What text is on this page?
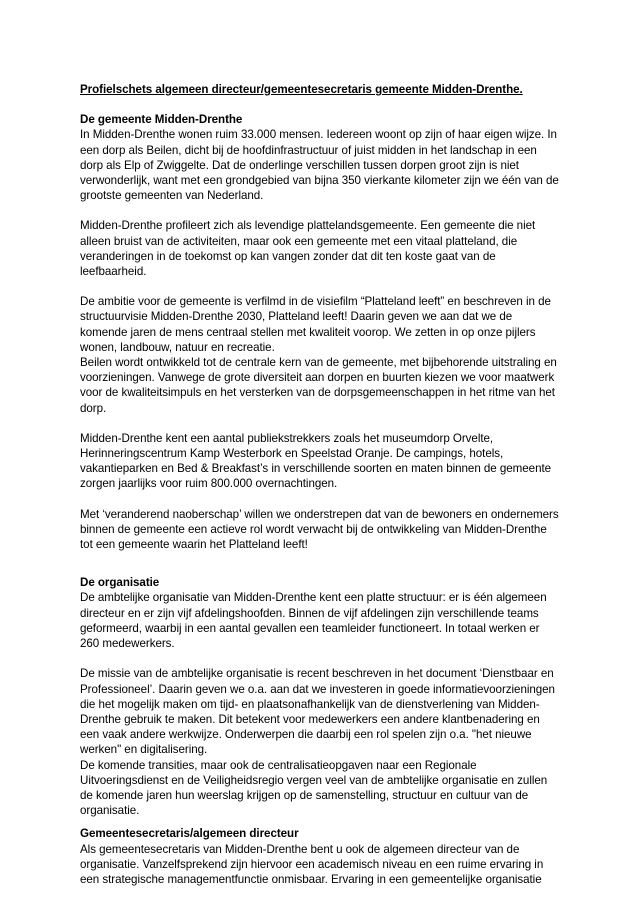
Profielschets algemeen directeur/gemeentesecretaris gemeente Midden-Drenthe.
De gemeente Midden-Drenthe

In Midden-Drenthe wonen ruim 33.000 mensen. Iedereen woont op zijn of haar eigen wijze. In een dorp als Beilen, dicht bij de hoofdinfrastructuur of juist midden in het landschap in een dorp als Elp of Zwiggelte. Dat de onderlinge verschillen tussen dorpen groot zijn is niet verwonderlijk, want met een grondgebied van bijna 350 vierkante kilometer zijn we één van de grootste gemeenten van Nederland.

Midden-Drenthe profileert zich als levendige plattelandsgemeente. Een gemeente die niet alleen bruist van de activiteiten, maar ook een gemeente met een vitaal platteland, die veranderingen in de toekomst op kan vangen zonder dat dit ten koste gaat van de leefbaarheid.

De ambitie voor de gemeente is verfilmd in de visiefilm “Platteland leeft” en beschreven in de structuurvisie Midden-Drenthe 2030, Platteland leeft! Daarin geven we aan dat we de komende jaren de mens centraal stellen met kwaliteit voorop. We zetten in op onze pijlers wonen, landbouw, natuur en recreatie.

Beilen wordt ontwikkeld tot de centrale kern van de gemeente, met bijbehorende uitstraling en voorzieningen. Vanwege de grote diversiteit aan dorpen en buurten kiezen we voor maatwerk voor de kwaliteitsimpuls en het versterken van de dorpsgemeenschappen in het ritme van het dorp.

Midden-Drenthe kent een aantal publiekstrekkers zoals het museumdorp Orvelte, Herinneringscentrum Kamp Westerbork en Speelstad Oranje. De campings, hotels, vakantieparken en Bed & Breakfast’s in verschillende soorten en maten binnen de gemeente zorgen jaarlijks voor ruim 800.000 overnachtingen.

Met ‘veranderend naoberschap’ willen we onderstrepen dat van de bewoners en ondernemers binnen de gemeente een actieve rol wordt verwacht bij de ontwikkeling van Midden-Drenthe tot een gemeente waarin het Platteland leeft!

De organisatie

De ambtelijke organisatie van Midden-Drenthe kent een platte structuur: er is één algemeen directeur en er zijn vijf afdelingshoofden. Binnen de vijf afdelingen zijn verschillende teams geformeerd, waarbij in een aantal gevallen een teamleider functioneert. In totaal werken er 260 medewerkers.

De missie van de ambtelijke organisatie is recent beschreven in het document ‘Dienstbaar en Professioneel’. Daarin geven we o.a. aan dat we investeren in goede informatievoorzieningen die het mogelijk maken om tijd- en plaatsonafhankelijk van de dienstverlening van Midden-Drenthe gebruik te maken. Dit betekent voor medewerkers een andere klantbenadering en een vaak andere werkwijze. Onderwerpen die daarbij een rol spelen zijn o.a. "het nieuwe werken" en digitalisering.

De komende transities, maar ook de centralisatieopgaven naar een Regionale Uitvoeringsdienst en de Veiligheidsregio vergen veel van de ambtelijke organisatie en zullen de komende jaren hun weerslag krijgen op de samenstelling, structuur en cultuur van de organisatie.

Gemeentesecretaris/algemeen directeur

Als gemeentesecretaris van Midden-Drenthe bent u ook de algemeen directeur van de organisatie. Vanzelfsprekend zijn hiervoor een academisch niveau en een ruime ervaring in een strategische managementfunctie onmisbaar. Ervaring in een gemeentelijke organisatie
